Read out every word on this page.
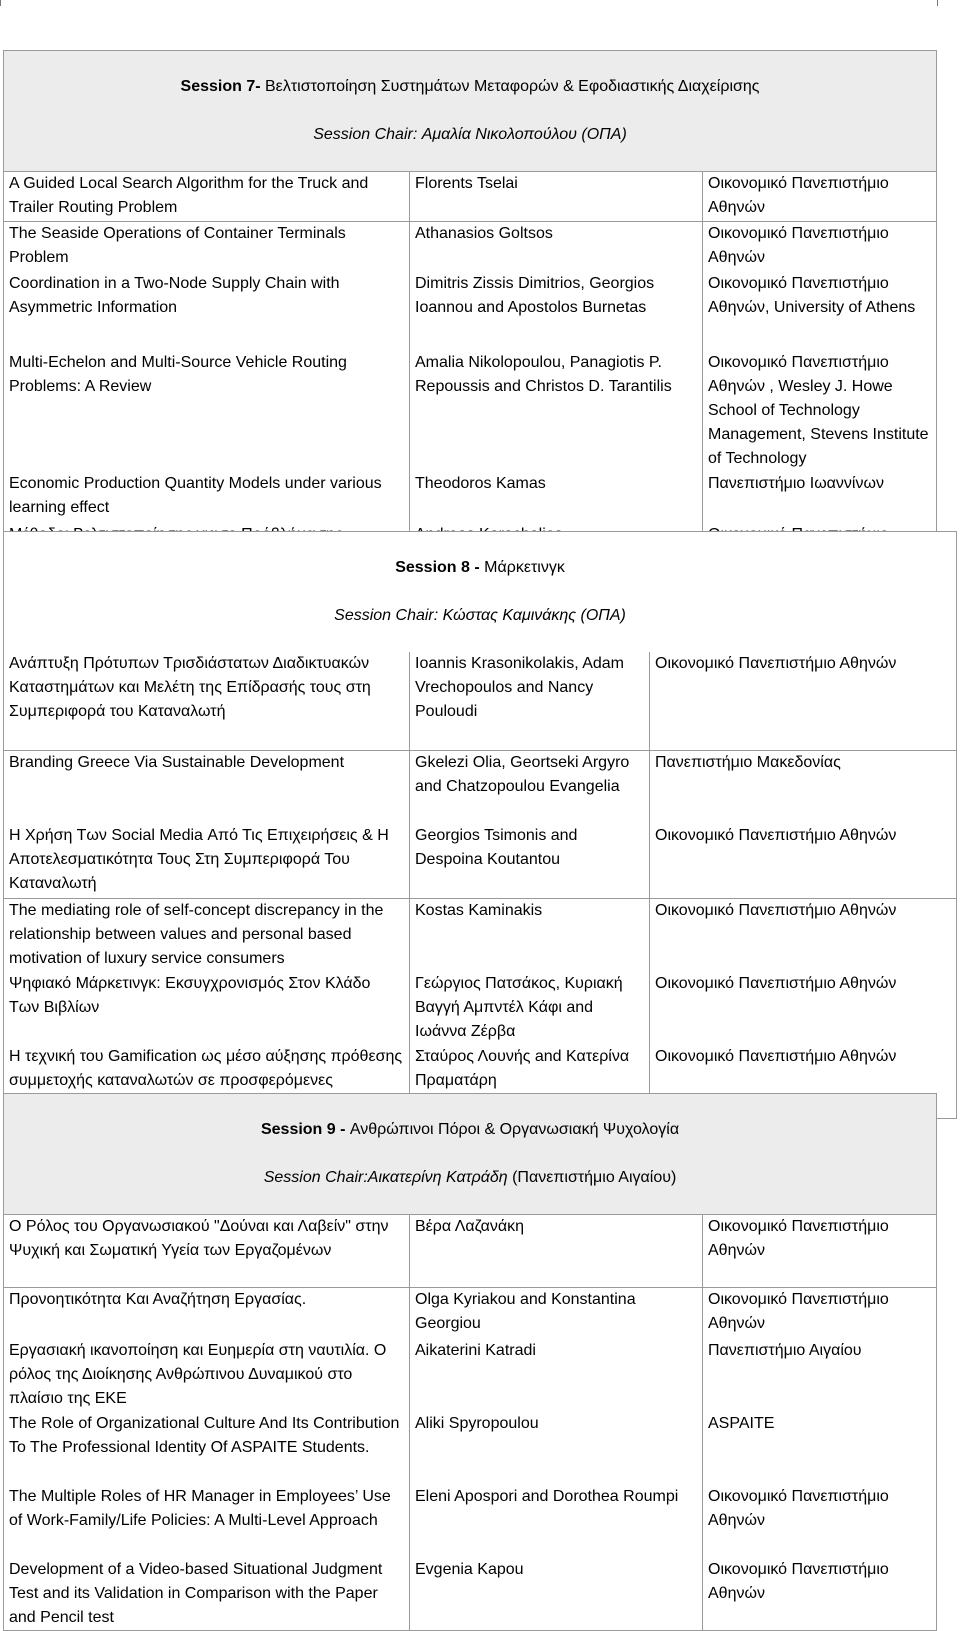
Session 7- Βελτιστοποίηση Συστημάτων Μεταφορών & Εφοδιαστικής Διαχείρισης

Session Chair: Αμαλία Νικολοπούλου (ΟΠΑ)		

A Guided Local Search Algorithm for the Truck and Trailer Routing Problem	Florents Tselai	Οικονομικό Πανεπιστήμιο Αθηνών
The Seaside Operations of Container Terminals Problem	Athanasios Goltsos	Οικονομικό Πανεπιστήμιο Αθηνών
Coordination in a Two-Node Supply Chain with Asymmetric Information	Dimitris Zissis Dimitrios, Georgios Ioannou and Apostolos Burnetas	Οικονομικό Πανεπιστήμιο Αθηνών, University of Athens
Multi-Echelon and Multi-Source Vehicle Routing Problems: A Review	Amalia Nikolopoulou, Panagiotis P. Repoussis and Christos D. Tarantilis	Οικονομικό Πανεπιστήμιο Αθηνών , Wesley J. Howe School of Technology Management, Stevens Institute of Technology
Economic Production Quantity Models under various learning effect	Theodoros Kamas	Πανεπιστήμιο Ιωαννίνων

Session 8 - Μάρκετινγκ

Session Chair: Κώστας Καμινάκης (ΟΠΑ)		

Ανάπτυξη Πρότυπων Τρισδιάστατων Διαδικτυακών Καταστημάτων και Μελέτη της Επίδρασής τους στη Συμπεριφορά του Καταναλωτή	Ioannis Krasonikolakis, Adam Vrechopoulos and Nancy Pouloudi	Οικονομικό Πανεπιστήμιο Αθηνών
Branding Greece Via Sustainable Development	Gkelezi Olia, Geortseki Argyro and Chatzopoulou Evangelia	Πανεπιστήμιο Μακεδονίας
Η Χρήση Των Social Media Από Τις Επιχειρήσεις & Η Αποτελεσματικότητα Τους Στη Συμπεριφορά Του Καταναλωτή	Georgios Tsimonis and Despoina Koutantou	Οικονομικό Πανεπιστήμιο Αθηνών
The mediating role of self-concept discrepancy in the relationship between values and personal based motivation of luxury service consumers	Kostas Kaminakis	Οικονομικό Πανεπιστήμιο Αθηνών
Ψηφιακό Μάρκετινγκ: Εκσυγχρονισμός Στον Κλάδο Των Βιβλίων	Γεώργιος Πατσάκος, Κυριακή Βαγγή Αμπντέλ Κάφι and Ιωάννα Ζέρβα	Οικονομικό Πανεπιστήμιο Αθηνών
Η τεχνική του Gamification ως μέσο αύξησης πρόθεσης συμμετοχής καταναλωτών σε προσφερόμενες	Σταύρος Λουνής and Κατερίνα Πραματάρη	Οικονομικό Πανεπιστήμιο Αθηνών

Session 9 - Ανθρώπινοι Πόροι & Οργανωσιακή Ψυχολογία

Session Chair:Αικατερίνη Κατράδη (Πανεπιστήμιο Αιγαίου)		

Ο Ρόλος του Οργανωσιακού "Δούναι και Λαβείν" στην Ψυχική και Σωματική Υγεία των Εργαζομένων	Βέρα Λαζανάκη	Οικονομικό Πανεπιστήμιο Αθηνών
Προνοητικότητα Και Αναζήτηση Εργασίας.	Olga Kyriakou and Konstantina Georgiou	Οικονομικό Πανεπιστήμιο Αθηνών
Εργασιακή ικανοποίηση και Ευημερία στη ναυτιλία. Ο ρόλος της Διοίκησης Ανθρώπινου Δυναμικού στο πλαίσιο της ΕΚΕ	Aikaterini Katradi	Πανεπιστήμιο Αιγαίου
The Role of Organizational Culture And Its Contribution To The Professional Identity Of ASPAITE Students.	Aliki Spyropoulou	ASPAITE
The Multiple Roles of HR Manager in Employees’ Use of Work-Family/Life Policies: A Multi-Level Approach	Eleni Apospori and Dorothea Roumpi	Οικονομικό Πανεπιστήμιο Αθηνών
Development of a Video-based Situational Judgment Test and its Validation in Comparison with the Paper and Pencil test	Evgenia Kapou	Οικονομικό Πανεπιστήμιο Αθηνών
